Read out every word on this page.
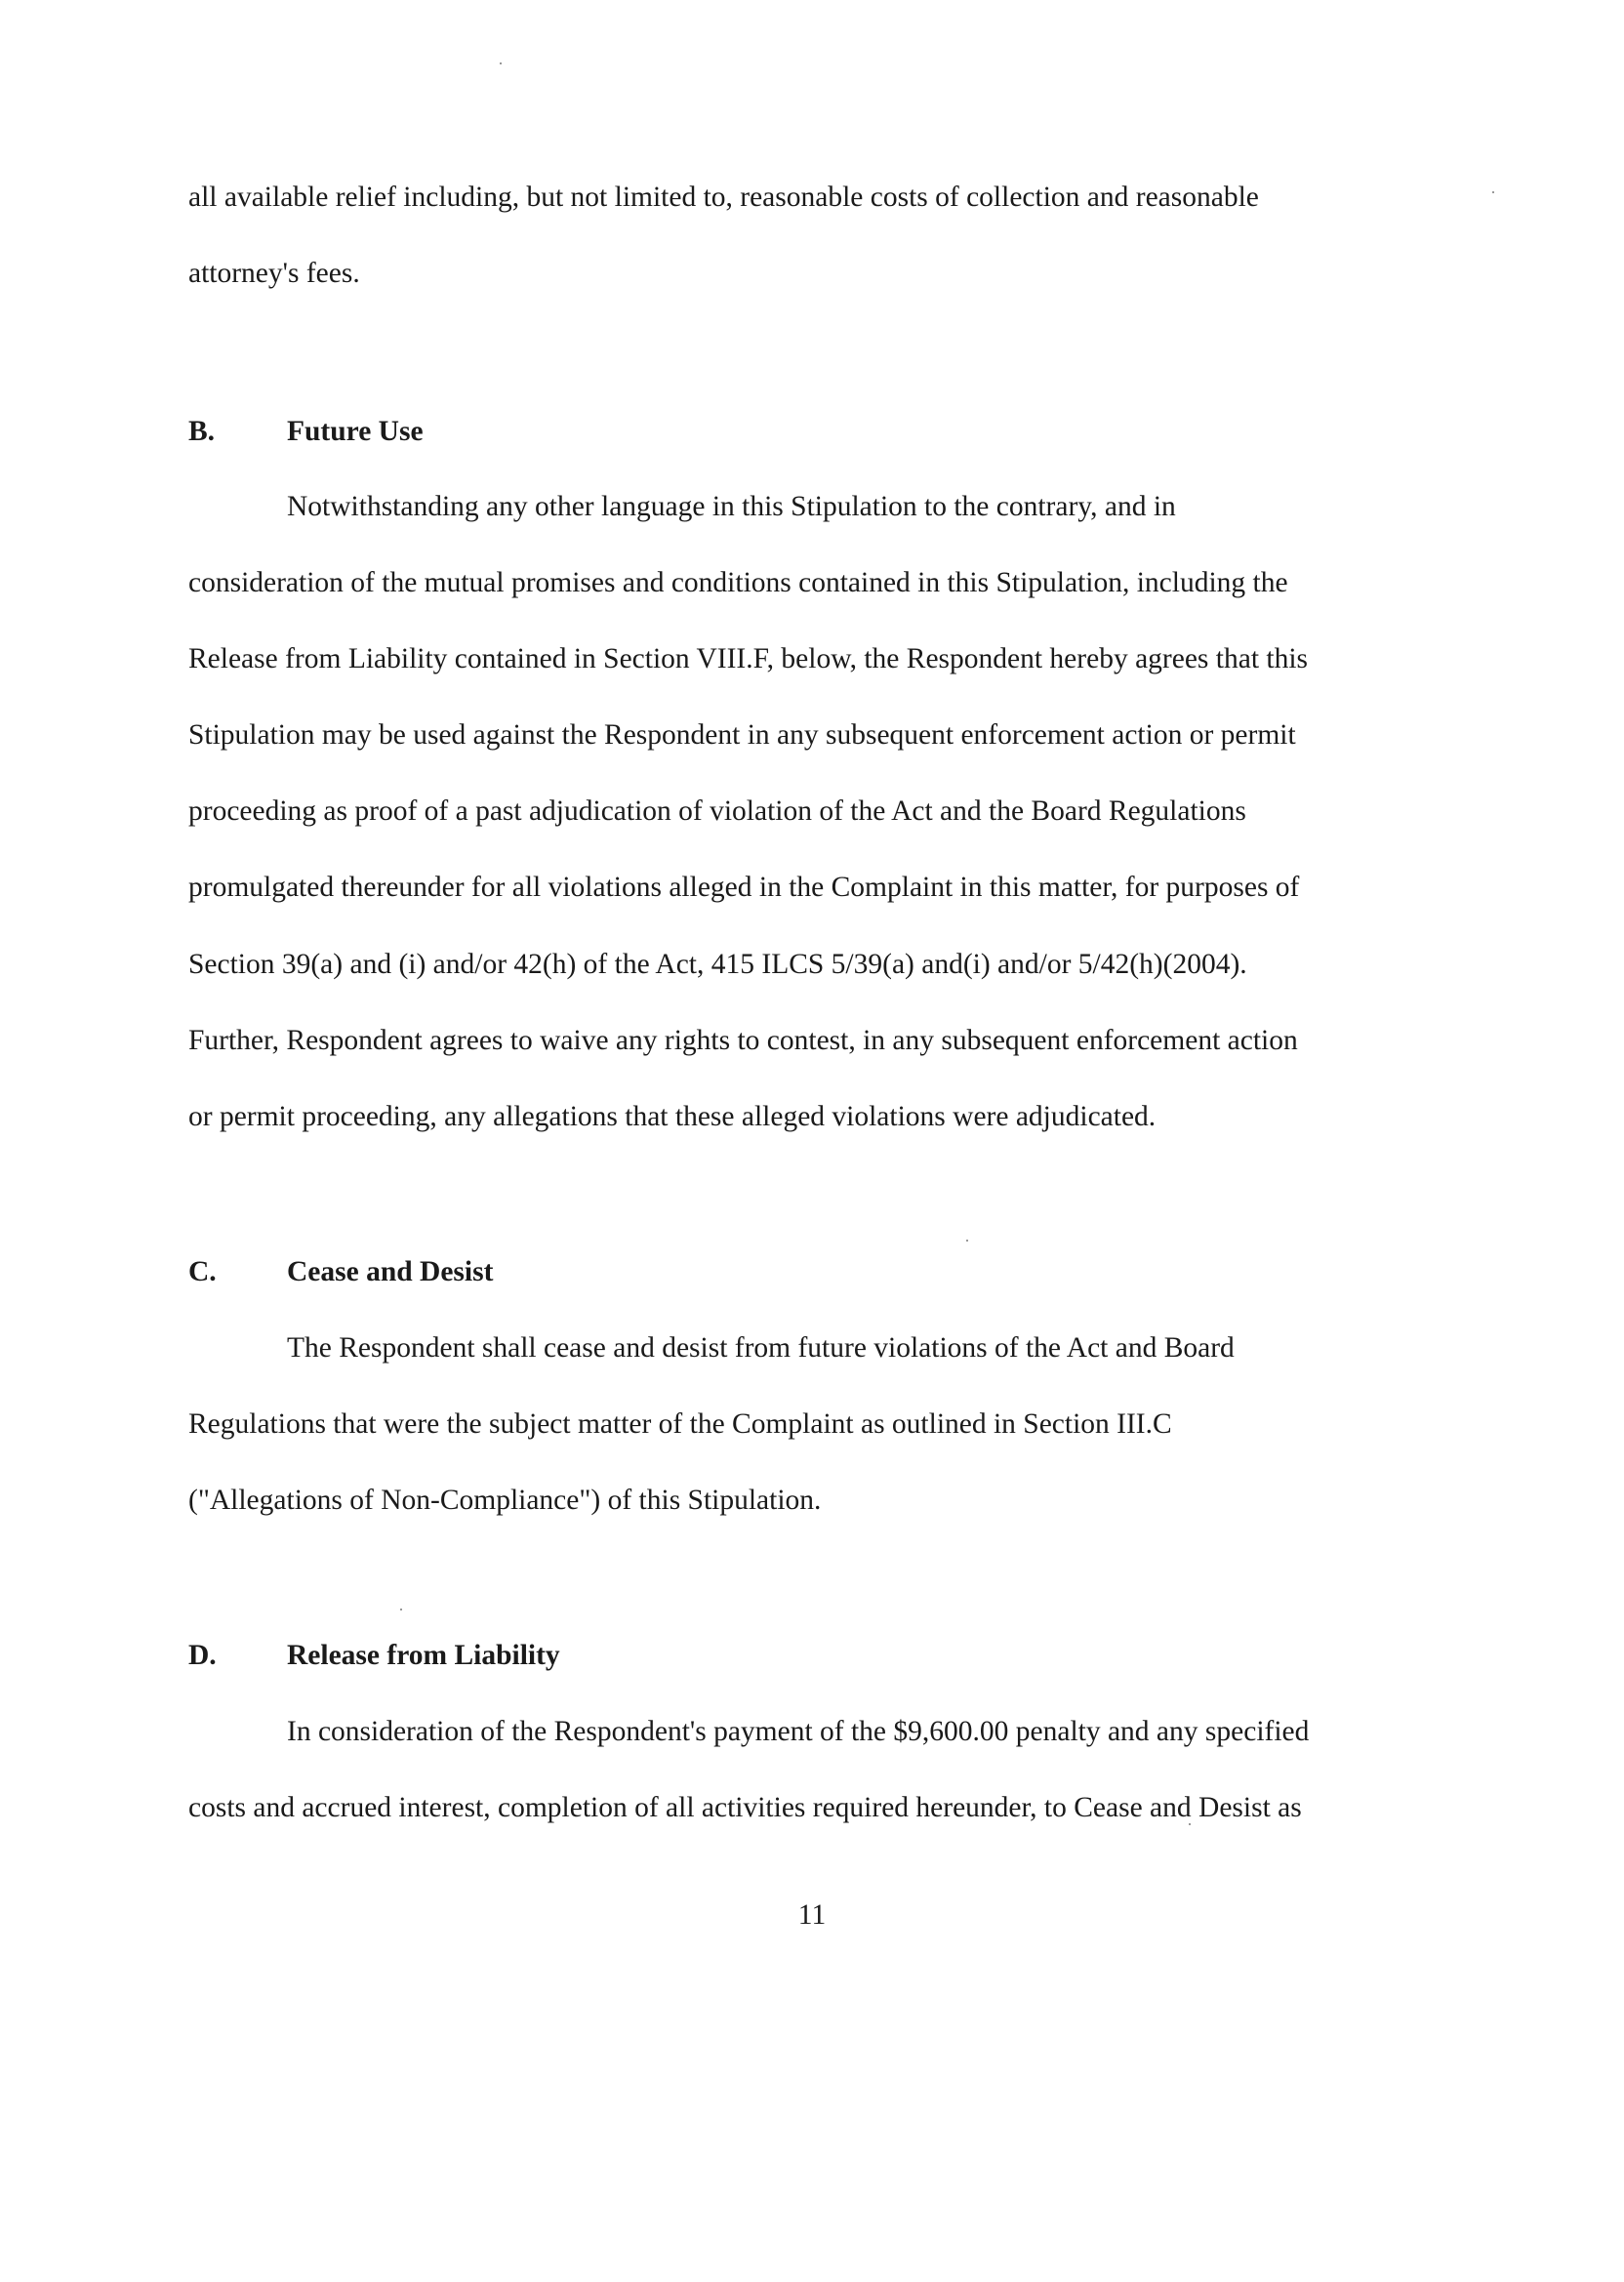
all available relief including, but not limited to, reasonable costs of collection and reasonable
attorney's fees.
B.	Future Use
Notwithstanding any other language in this Stipulation to the contrary, and in
consideration of the mutual promises and conditions contained in this Stipulation, including the
Release from Liability contained in Section VIII.F, below, the Respondent hereby agrees that this
Stipulation may be used against the Respondent in any subsequent enforcement action or permit
proceeding as proof of a past adjudication of violation of the Act and the Board Regulations
promulgated thereunder for all violations alleged in the Complaint in this matter, for purposes of
Section 39(a) and (i) and/or 42(h) of the Act, 415 ILCS 5/39(a) and(i) and/or 5/42(h)(2004).
Further, Respondent agrees to waive any rights to contest, in any subsequent enforcement action
or permit proceeding, any allegations that these alleged violations were adjudicated.
C. Cease and Desist
The Respondent shall cease and desist from future violations of the Act and Board
Regulations that were the subject matter of the Complaint as outlined in Section III.C
("Allegations of Non-Compliance") of this Stipulation.
D. Release from Liability
In consideration of the Respondent's payment of the $9,600.00 penalty and any specified
costs and accrued interest, completion of all activities required hereunder, to Cease and Desist as
11
